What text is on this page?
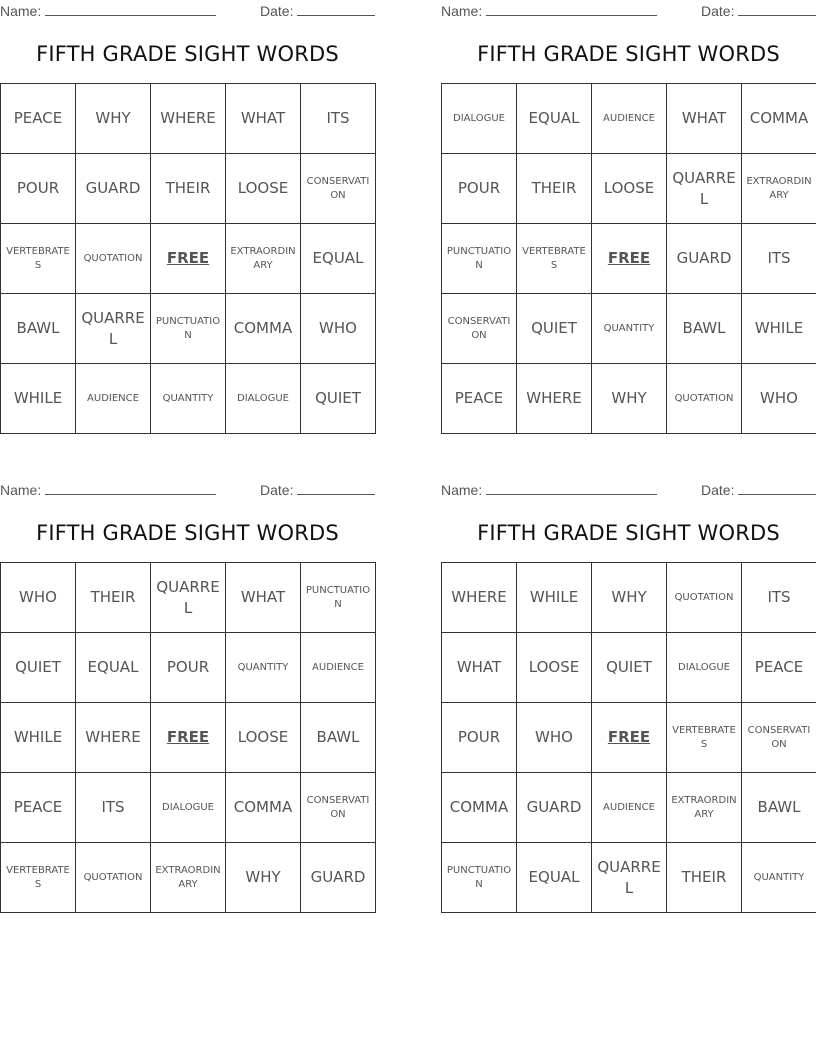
Name:	Date:
FIFTH GRADE SIGHT WORDS
PEACE	WHY	WHERE	WHAT	ITS
POUR	GUARD	THEIR	LOOSE	CONSERVATION
VERTEBRATES	QUOTATION	FREE	EXTRAORDINARY	EQUAL
BAWL	QUARREL	PUNCTUATION	COMMA	WHO
WHILE	AUDIENCE	QUANTITY	DIALOGUE	QUIET
Name:	Date:
FIFTH GRADE SIGHT WORDS
DIALOGUE	EQUAL	AUDIENCE	WHAT	COMMA
POUR	THEIR	LOOSE	QUARREL	EXTRAORDINARY
PUNCTUATION	VERTEBRATES	FREE	GUARD	ITS
CONSERVATION	QUIET	QUANTITY	BAWL	WHILE
PEACE	WHERE	WHY	QUOTATION	WHO
Name:	Date:
FIFTH GRADE SIGHT WORDS
WHO	THEIR	QUARREL	WHAT	PUNCTUATION
QUIET	EQUAL	POUR	QUANTITY	AUDIENCE
WHILE	WHERE	FREE	LOOSE	BAWL
PEACE	ITS	DIALOGUE	COMMA	CONSERVATION
VERTEBRATES	QUOTATION	EXTRAORDINARY	WHY	GUARD
Name:	Date:
FIFTH GRADE SIGHT WORDS
WHERE	WHILE	WHY	QUOTATION	ITS
WHAT	LOOSE	QUIET	DIALOGUE	PEACE
POUR	WHO	FREE	VERTEBRATES	CONSERVATION
COMMA	GUARD	AUDIENCE	EXTRAORDINARY	BAWL
PUNCTUATION	EQUAL	QUARREL	THEIR	QUANTITY
